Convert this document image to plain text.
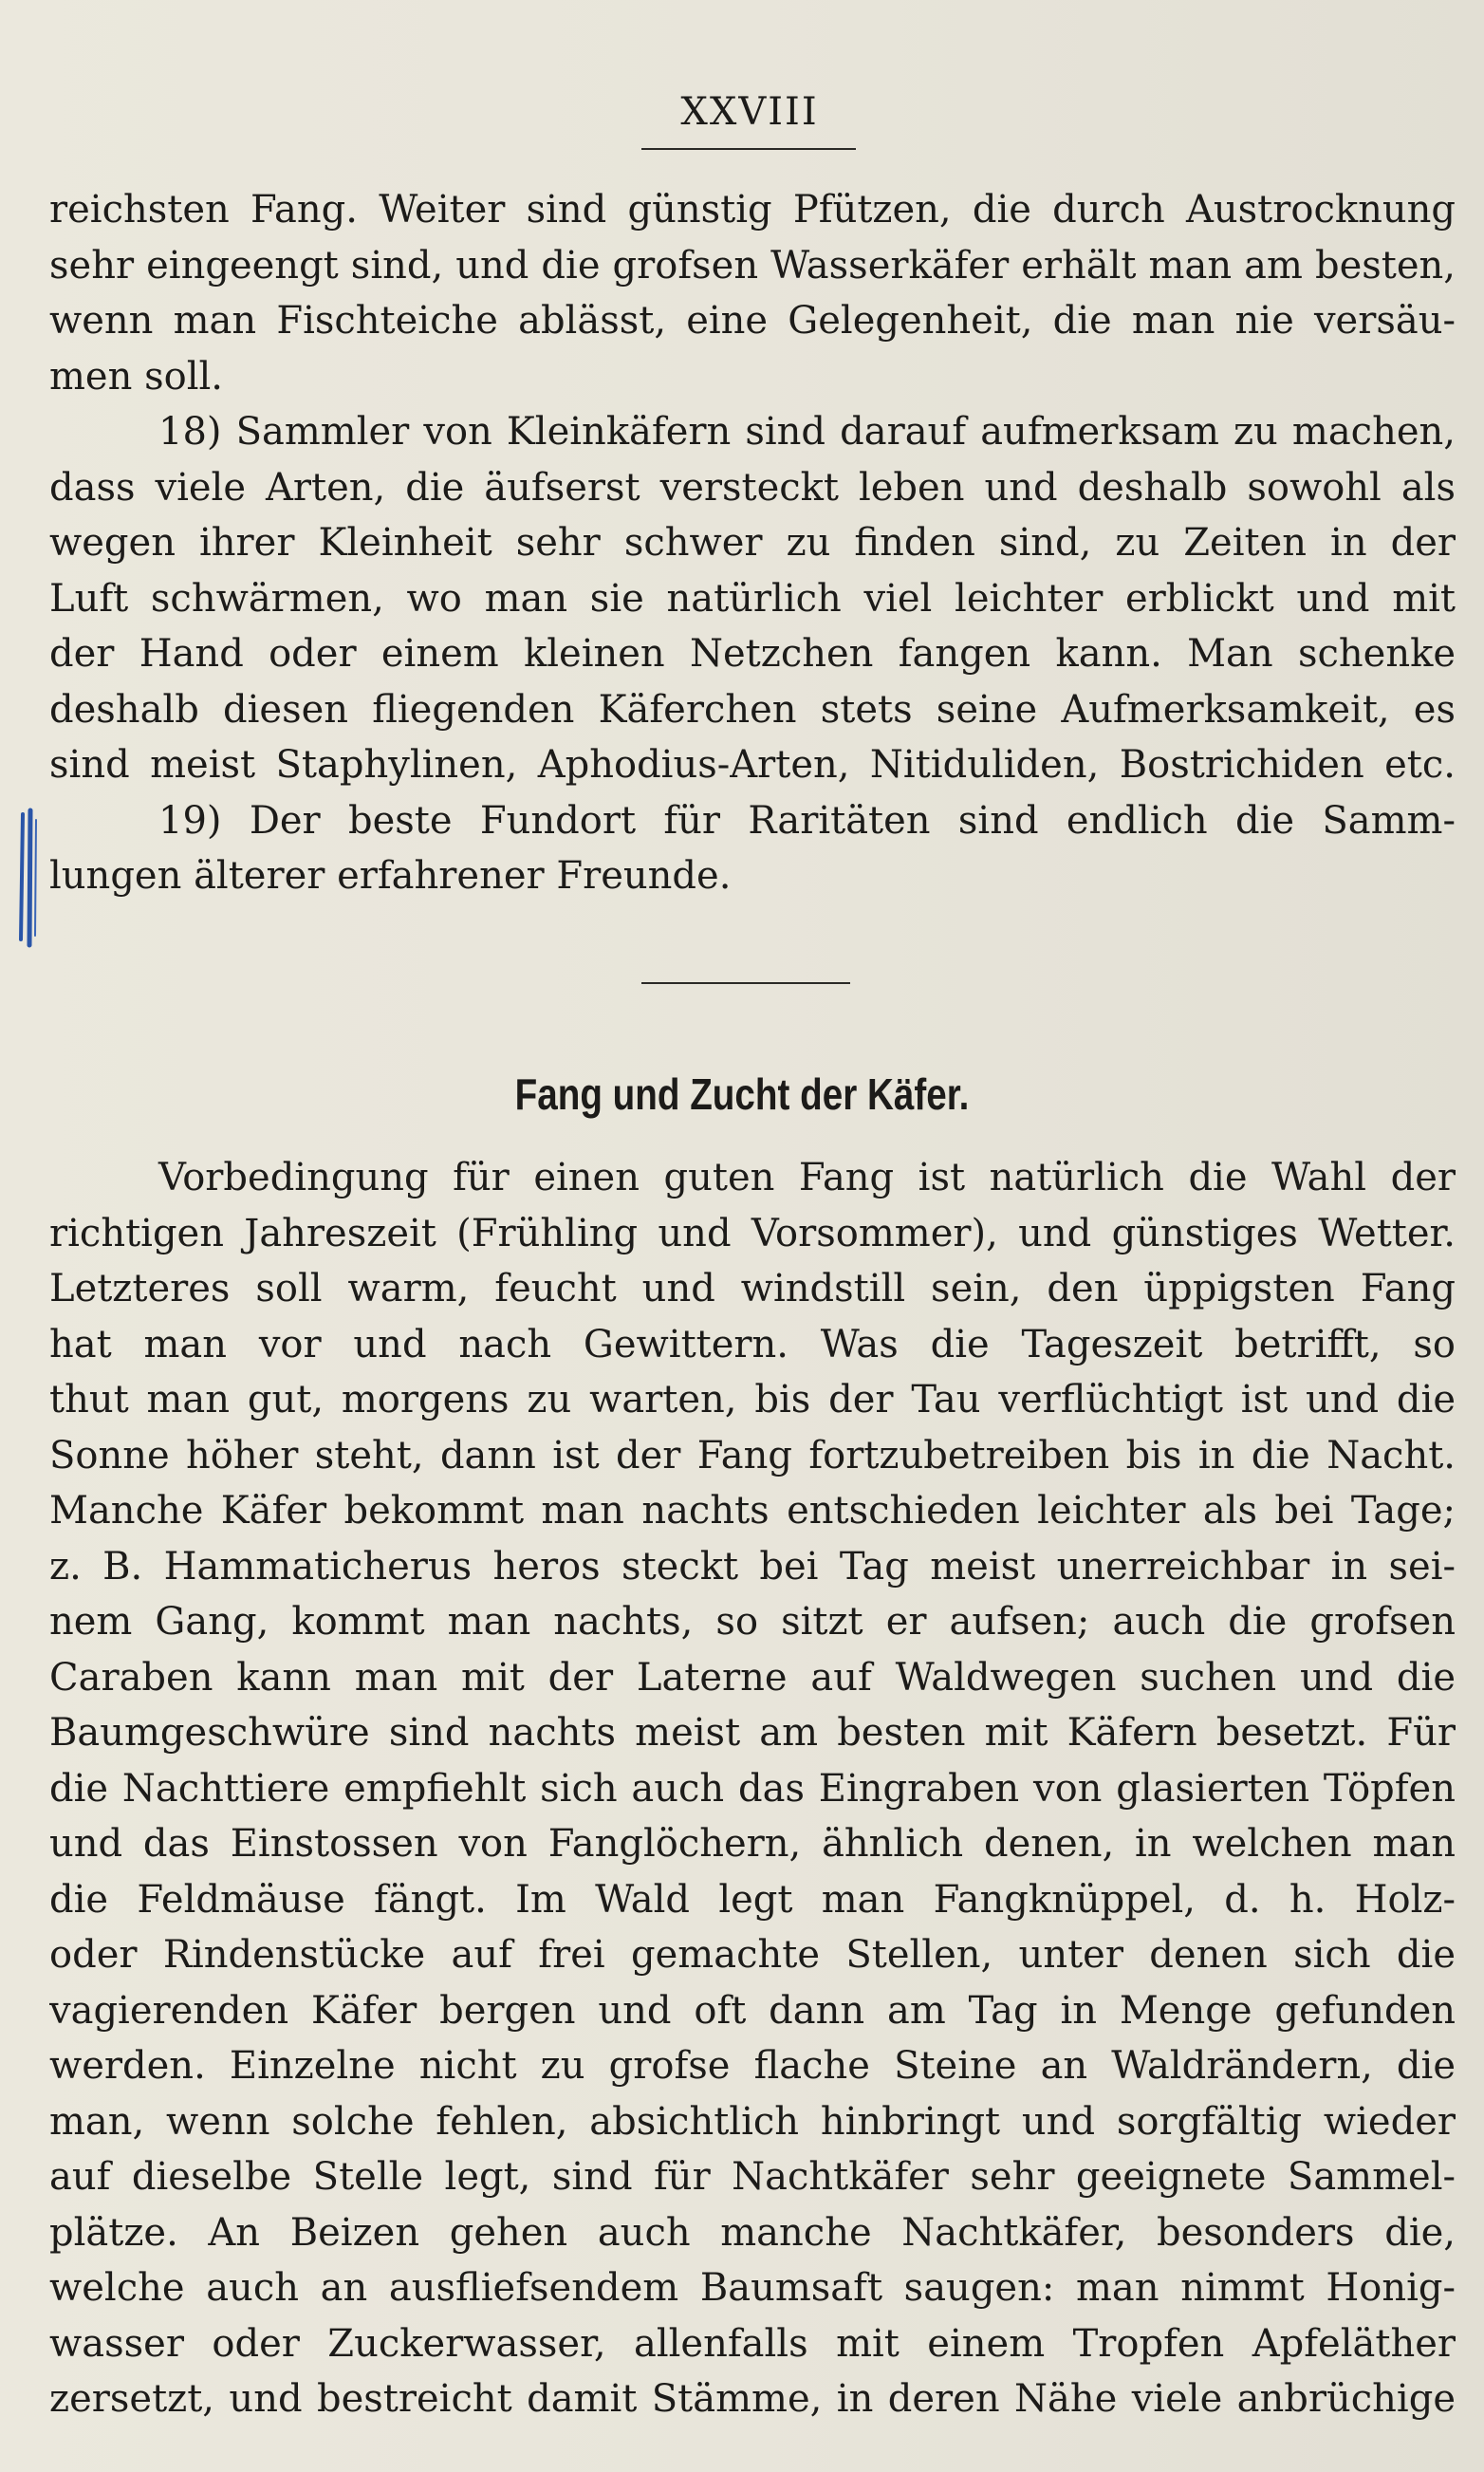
XXVIII
reichsten Fang. Weiter sind günstig Pfützen, die durch Austrocknung
sehr eingeengt sind, und die grofsen Wasserkäfer erhält man am besten,
wenn man Fischteiche ablässt, eine Gelegenheit, die man nie versäu-
men soll.
18) Sammler von Kleinkäfern sind darauf aufmerksam zu machen,
dass viele Arten, die äufserst versteckt leben und deshalb sowohl als
wegen ihrer Kleinheit sehr schwer zu finden sind, zu Zeiten in der
Luft schwärmen, wo man sie natürlich viel leichter erblickt und mit
der Hand oder einem kleinen Netzchen fangen kann. Man schenke
deshalb diesen fliegenden Käferchen stets seine Aufmerksamkeit, es
sind meist Staphylinen, Aphodius-Arten, Nitiduliden, Bostrichiden etc.
19) Der beste Fundort für Raritäten sind endlich die Samm-
lungen älterer erfahrener Freunde.
Fang und Zucht der Käfer.
Vorbedingung für einen guten Fang ist natürlich die Wahl der
richtigen Jahreszeit (Frühling und Vorsommer), und günstiges Wetter.
Letzteres soll warm, feucht und windstill sein, den üppigsten Fang
hat man vor und nach Gewittern. Was die Tageszeit betrifft, so
thut man gut, morgens zu warten, bis der Tau verflüchtigt ist und die
Sonne höher steht, dann ist der Fang fortzubetreiben bis in die Nacht.
Manche Käfer bekommt man nachts entschieden leichter als bei Tage;
z. B. Hammaticherus heros steckt bei Tag meist unerreichbar in sei-
nem Gang, kommt man nachts, so sitzt er aufsen; auch die grofsen
Caraben kann man mit der Laterne auf Waldwegen suchen und die
Baumgeschwüre sind nachts meist am besten mit Käfern besetzt. Für
die Nachttiere empfiehlt sich auch das Eingraben von glasierten Töpfen
und das Einstossen von Fanglöchern, ähnlich denen, in welchen man
die Feldmäuse fängt. Im Wald legt man Fangknüppel, d. h. Holz-
oder Rindenstücke auf frei gemachte Stellen, unter denen sich die
vagierenden Käfer bergen und oft dann am Tag in Menge gefunden
werden. Einzelne nicht zu grofse flache Steine an Waldrändern, die
man, wenn solche fehlen, absichtlich hinbringt und sorgfältig wieder
auf dieselbe Stelle legt, sind für Nachtkäfer sehr geeignete Sammel-
plätze. An Beizen gehen auch manche Nachtkäfer, besonders die,
welche auch an ausfliefsendem Baumsaft saugen: man nimmt Honig-
wasser oder Zuckerwasser, allenfalls mit einem Tropfen Apfeläther
zersetzt, und bestreicht damit Stämme, in deren Nähe viele anbrüchige
